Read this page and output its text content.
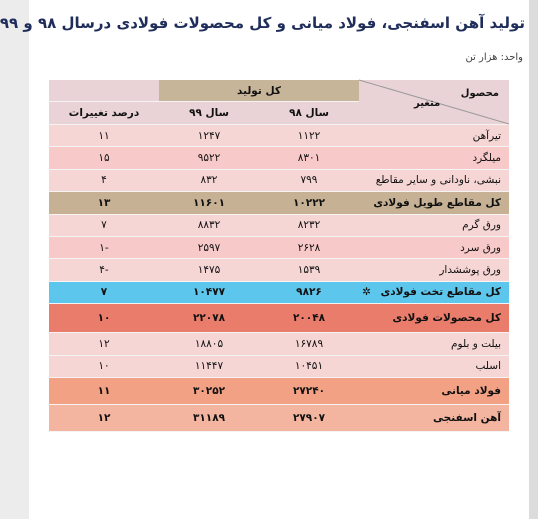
تولید آهن اسفنجی، فولاد میانی و کل محصولات فولادی درسال ۹۸ و ۹۹
واحد: هزار تن
محصول
متغیر	کل تولید		
	سال ۹۸	سال ۹۹	درصد تغییرات
تیرآهن	۱۱۲۲	۱۲۴۷	۱۱
میلگرد	۸۳۰۱	۹۵۲۲	۱۵
نبشی، ناودانی و سایر مقاطع	۷۹۹	۸۳۲	۴
کل مقاطع طویل فولادی	۱۰۲۲۲	۱۱۶۰۱	۱۳
ورق گرم	۸۲۳۲	۸۸۳۲	۷
ورق سرد	۲۶۲۸	۲۵۹۷	-۱
ورق پوششدار	۱۵۳۹	۱۴۷۵	-۴
کل مقاطع تخت فولادی ✲	۹۸۲۶	۱۰۴۷۷	۷
کل محصولات فولادی	۲۰۰۴۸	۲۲۰۷۸	۱۰
بیلت و بلوم	۱۶۷۸۹	۱۸۸۰۵	۱۲
اسلب	۱۰۴۵۱	۱۱۴۴۷	۱۰
فولاد میانی	۲۷۲۴۰	۳۰۲۵۲	۱۱
آهن اسفنجی	۲۷۹۰۷	۳۱۱۸۹	۱۲
